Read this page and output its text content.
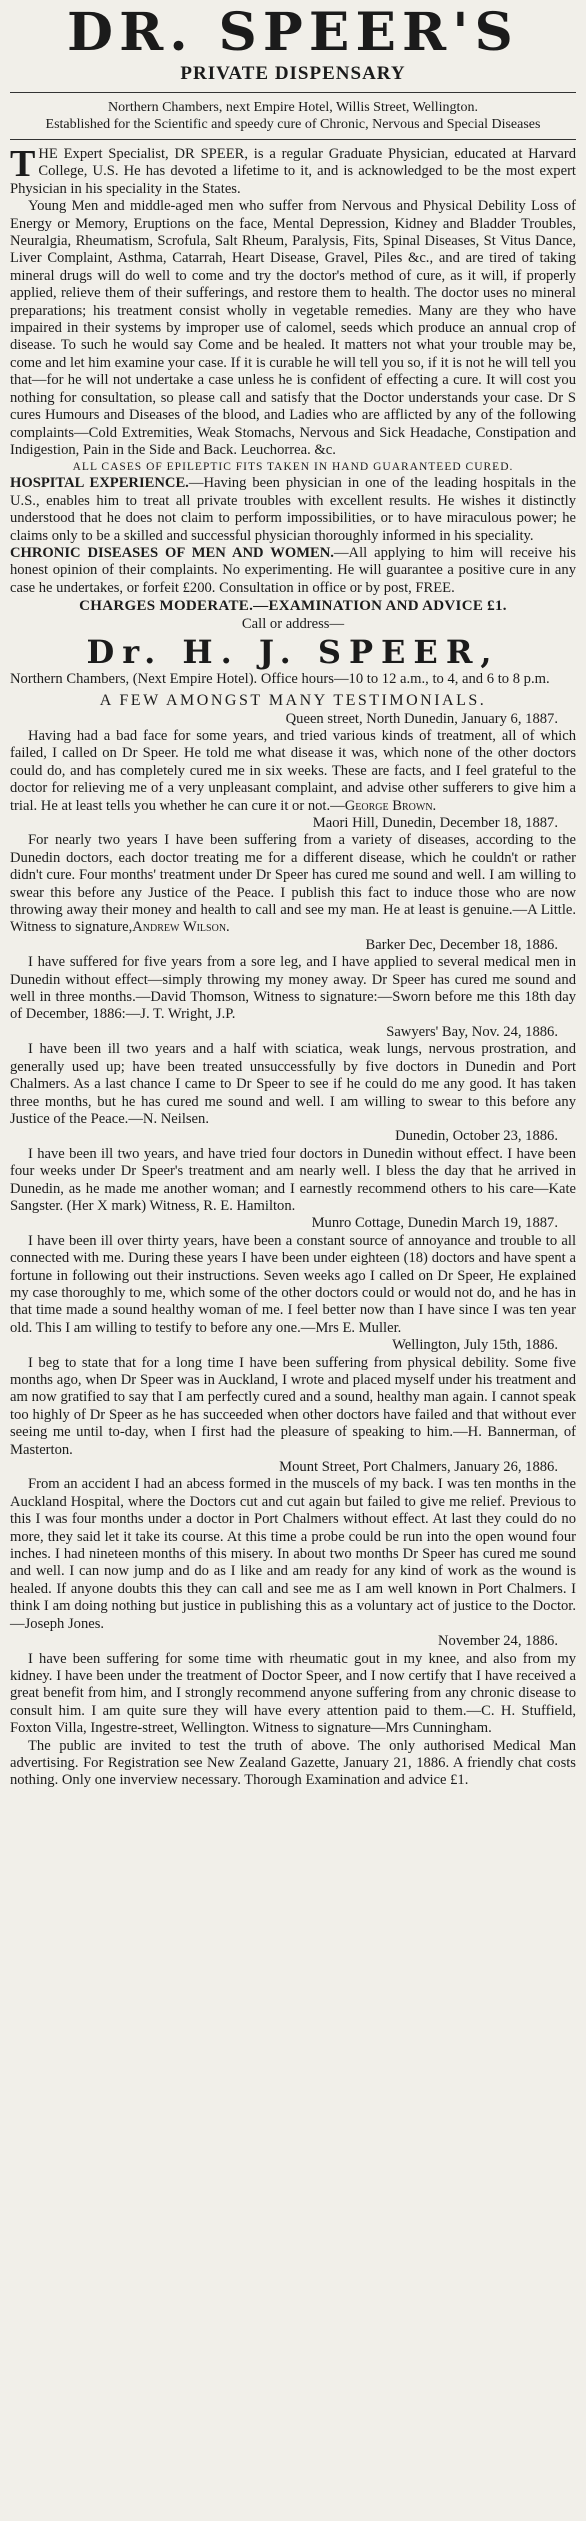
DR. SPEER'S
PRIVATE DISPENSARY
Northern Chambers, next Empire Hotel, Willis Street, Wellington.
Established for the Scientific and speedy cure of Chronic, Nervous and Special Diseases

THE Expert Specialist, DR SPEER, is a regular Graduate Physician, educated at Harvard College, U.S. He has devoted a lifetime to it, and is acknowledged to be the most expert Physician in his speciality in the States.

Young Men and middle-aged men who suffer from Nervous and Physical Debility Loss of Energy or Memory, Eruptions on the face, Mental Depression, Kidney and Bladder Troubles, Neuralgia, Rheumatism, Scrofula, Salt Rheum, Paralysis, Fits, Spinal Diseases, St Vitus Dance, Liver Complaint, Asthma, Catarrah, Heart Disease, Gravel, Piles &c., and are tired of taking mineral drugs will do well to come and try the doctor's method of cure, as it will, if properly applied, relieve them of their sufferings, and restore them to health. The doctor uses no mineral preparations; his treatment consist wholly in vegetable remedies. Many are they who have impaired in their systems by improper use of calomel, seeds which produce an annual crop of disease. To such he would say Come and be healed. It matters not what your trouble may be, come and let him examine your case. If it is curable he will tell you so, if it is not he will tell you that—for he will not undertake a case unless he is confident of effecting a cure. It will cost you nothing for consultation, so please call and satisfy that the Doctor understands your case. Dr S cures Humours and Diseases of the blood, and Ladies who are afflicted by any of the following complaints—Cold Extremities, Weak Stomachs, Nervous and Sick Headache, Constipation and Indigestion, Pain in the Side and Back. Leuchorrea. &c.

ALL CASES OF EPILEPTIC FITS TAKEN IN HAND GUARANTEED CURED.

HOSPITAL EXPERIENCE.—Having been physician in one of the leading hospitals in the U.S., enables him to treat all private troubles with excellent results. He wishes it distinctly understood that he does not claim to perform impossibilities, or to have miraculous power; he claims only to be a skilled and successful physician thoroughly informed in his speciality.

CHRONIC DISEASES OF MEN AND WOMEN.—All applying to him will receive his honest opinion of their complaints. No experimenting. He will guarantee a positive cure in any case he undertakes, or forfeit £200. Consultation in office or by post, FREE.

CHARGES MODERATE.—EXAMINATION AND ADVICE £1.
Call or address—
Dr. H. J. SPEER,

Northern Chambers, (Next Empire Hotel). Office hours—10 to 12 a.m., to 4, and 6 to 8 p.m.

A FEW AMONGST MANY TESTIMONIALS.
Queen street, North Dunedin, January 6, 1887.

Having had a bad face for some years, and tried various kinds of treatment, all of which failed, I called on Dr Speer. He told me what disease it was, which none of the other doctors could do, and has completely cured me in six weeks. These are facts, and I feel grateful to the doctor for relieving me of a very unpleasant complaint, and advise other sufferers to give him a trial. He at least tells you whether he can cure it or not.—George Brown.

Maori Hill, Dunedin, December 18, 1887.

For nearly two years I have been suffering from a variety of diseases, according to the Dunedin doctors, each doctor treating me for a different disease, which he couldn't or rather didn't cure. Four months' treatment under Dr Speer has cured me sound and well. I am willing to swear this before any Justice of the Peace. I publish this fact to induce those who are now throwing away their money and health to call and see my man. He at least is genuine.—A Little. Witness to signature,Andrew Wilson.

Barker Dec, December 18, 1886.

I have suffered for five years from a sore leg, and I have applied to several medical men in Dunedin without effect—simply throwing my money away. Dr Speer has cured me sound and well in three months.—David Thomson, Witness to signature:—Sworn before me this 18th day of December, 1886:—J. T. Wright, J.P.

Sawyers' Bay, Nov. 24, 1886.

I have been ill two years and a half with sciatica, weak lungs, nervous prostration, and generally used up; have been treated unsuccessfully by five doctors in Dunedin and Port Chalmers. As a last chance I came to Dr Speer to see if he could do me any good. It has taken three months, but he has cured me sound and well. I am willing to swear to this before any Justice of the Peace.—N. Neilsen.

Dunedin, October 23, 1886.

I have been ill two years, and have tried four doctors in Dunedin without effect. I have been four weeks under Dr Speer's treatment and am nearly well. I bless the day that he arrived in Dunedin, as he made me another woman; and I earnestly recommend others to his care—Kate Sangster. (Her X mark) Witness, R. E. Hamilton.

Munro Cottage, Dunedin March 19, 1887.

I have been ill over thirty years, have been a constant source of annoyance and trouble to all connected with me. During these years I have been under eighteen (18) doctors and have spent a fortune in following out their instructions. Seven weeks ago I called on Dr Speer, He explained my case thoroughly to me, which some of the other doctors could or would not do, and he has in that time made a sound healthy woman of me. I feel better now than I have since I was ten year old. This I am willing to testify to before any one.—Mrs E. Muller.

Wellington, July 15th, 1886.

I beg to state that for a long time I have been suffering from physical debility. Some five months ago, when Dr Speer was in Auckland, I wrote and placed myself under his treatment and am now gratified to say that I am perfectly cured and a sound, healthy man again. I cannot speak too highly of Dr Speer as he has succeeded when other doctors have failed and that without ever seeing me until to-day, when I first had the pleasure of speaking to him.—H. Bannerman, of Masterton.

Mount Street, Port Chalmers, January 26, 1886.

From an accident I had an abcess formed in the muscels of my back. I was ten months in the Auckland Hospital, where the Doctors cut and cut again but failed to give me relief. Previous to this I was four months under a doctor in Port Chalmers without effect. At last they could do no more, they said let it take its course. At this time a probe could be run into the open wound four inches. I had nineteen months of this misery. In about two months Dr Speer has cured me sound and well. I can now jump and do as I like and am ready for any kind of work as the wound is healed. If anyone doubts this they can call and see me as I am well known in Port Chalmers. I think I am doing nothing but justice in publishing this as a voluntary act of justice to the Doctor.—Joseph Jones.

November 24, 1886.

I have been suffering for some time with rheumatic gout in my knee, and also from my kidney. I have been under the treatment of Doctor Speer, and I now certify that I have received a great benefit from him, and I strongly recommend anyone suffering from any chronic disease to consult him. I am quite sure they will have every attention paid to them.—C. H. Stuffield, Foxton Villa, Ingestre-street, Wellington. Witness to signature—Mrs Cunningham.

The public are invited to test the truth of above. The only authorised Medical Man advertising. For Registration see New Zealand Gazette, January 21, 1886. A friendly chat costs nothing. Only one inverview necessary. Thorough Examination and advice £1.
